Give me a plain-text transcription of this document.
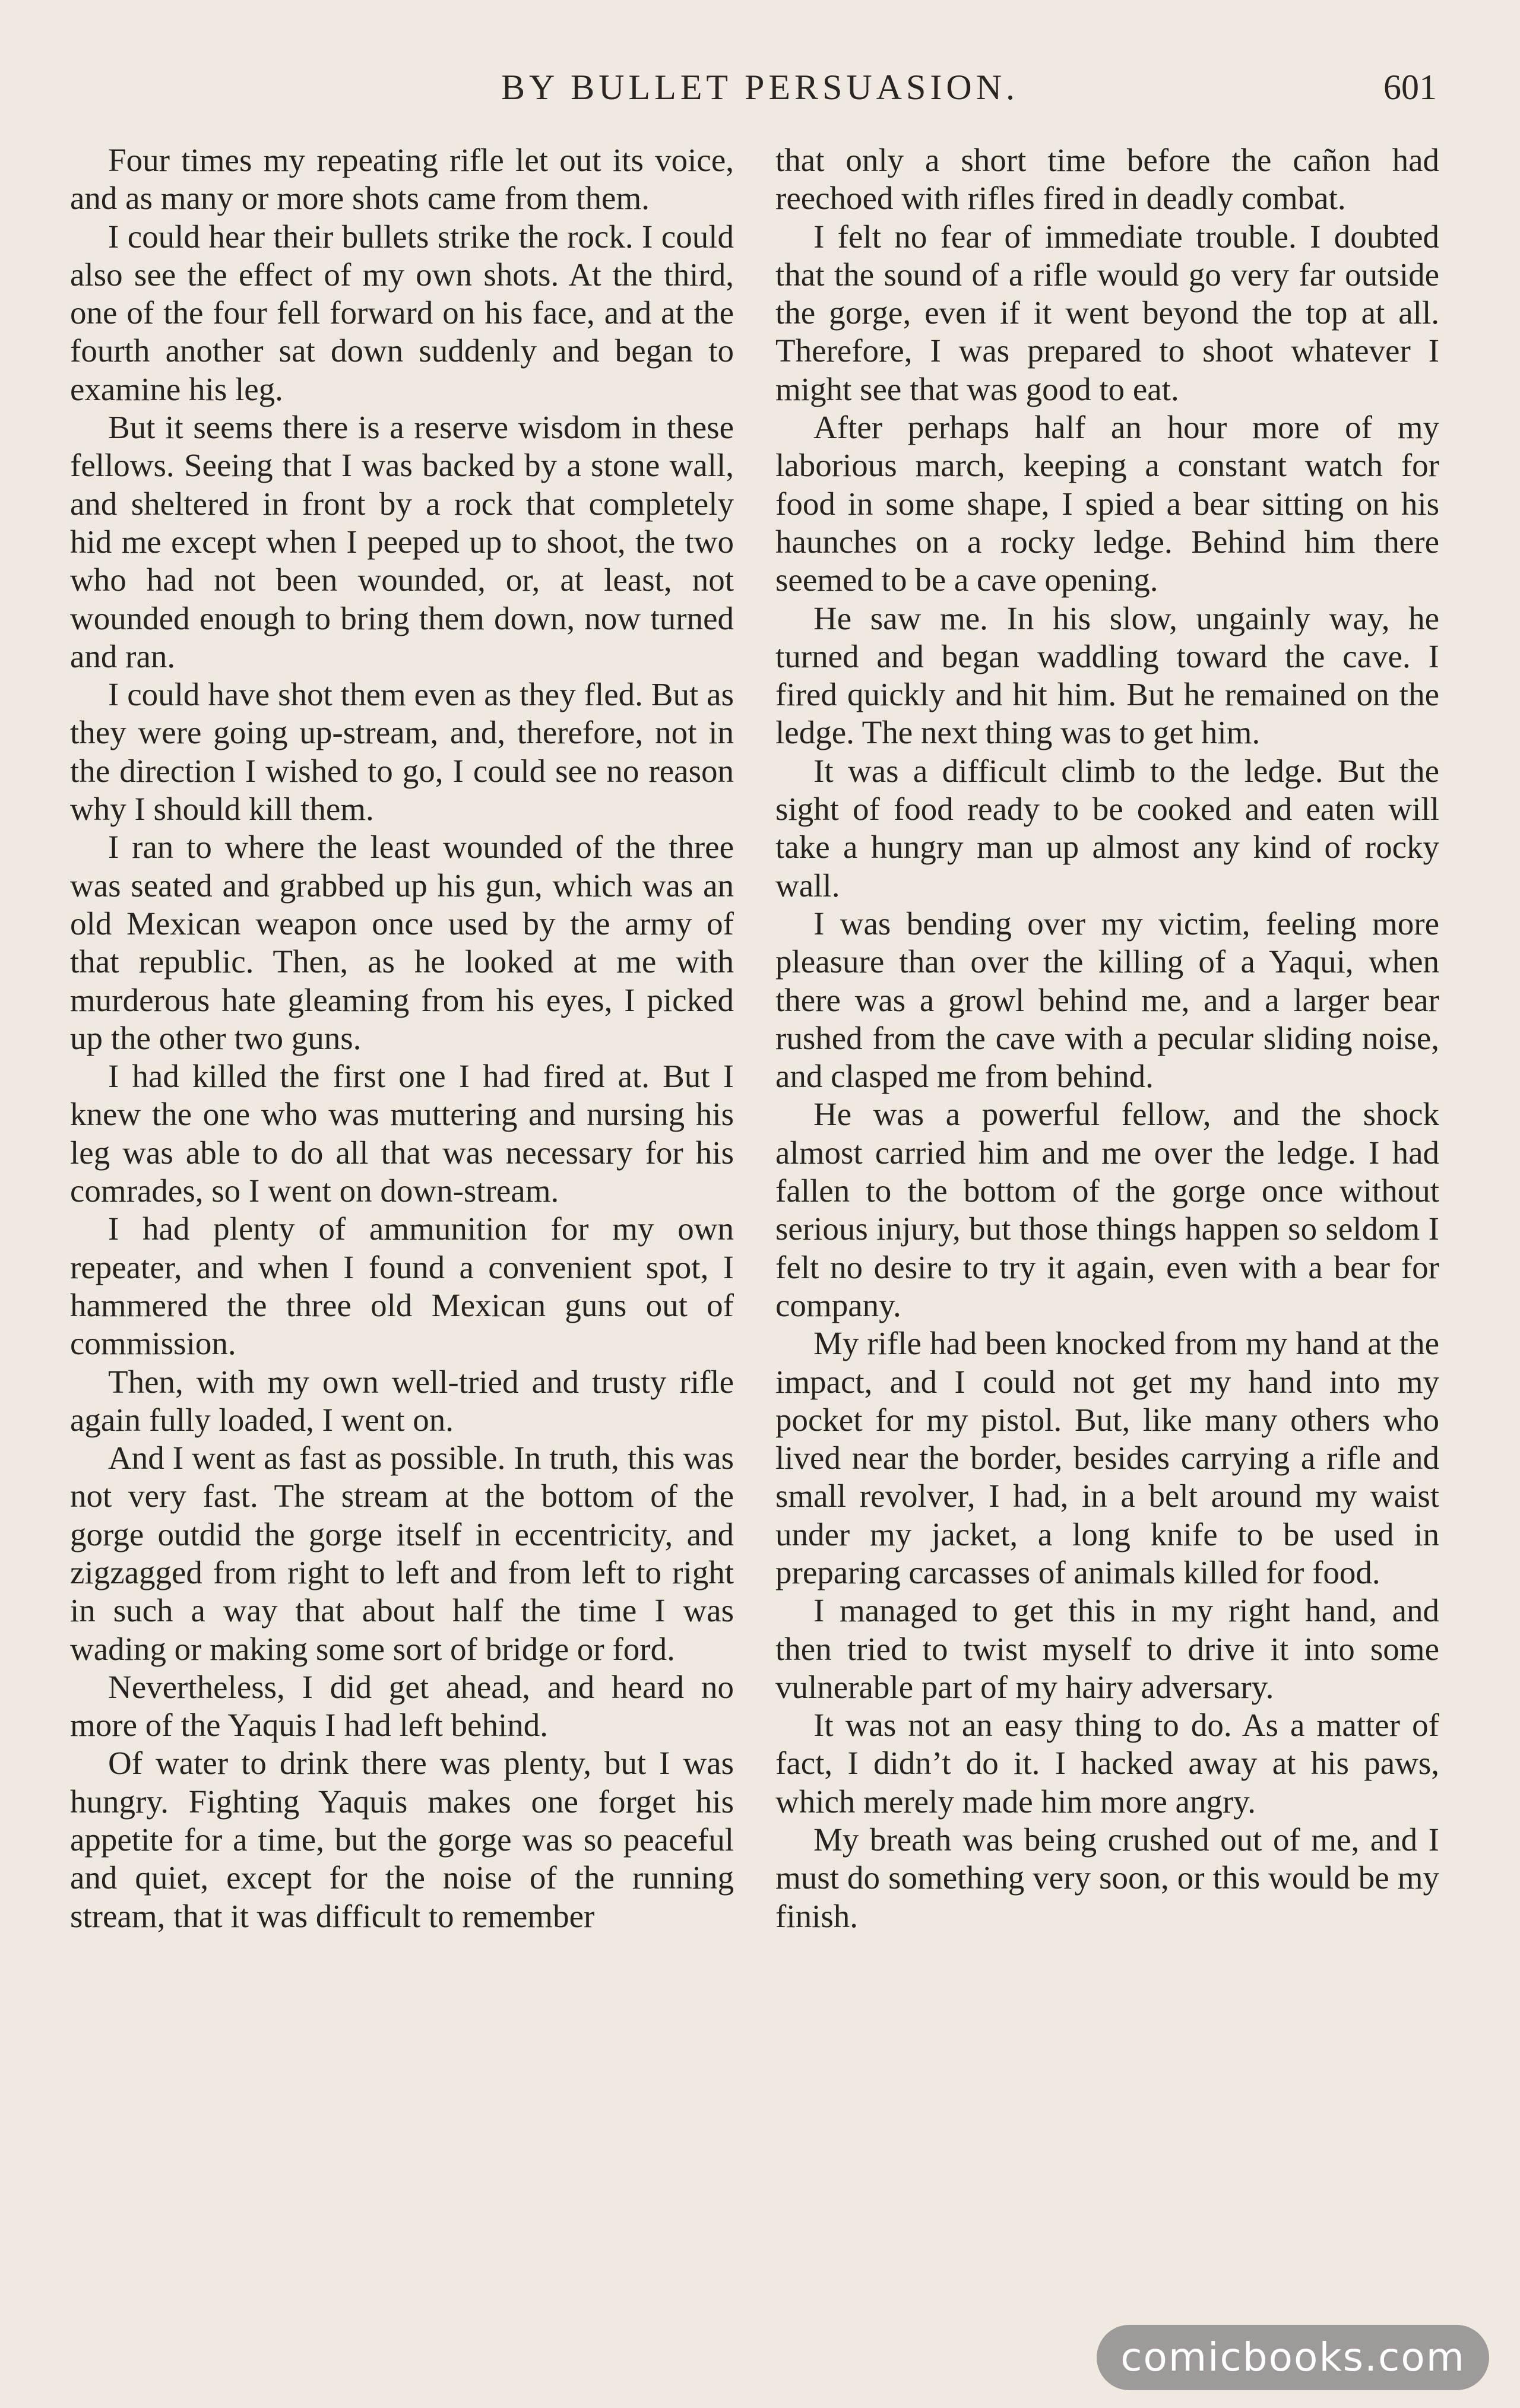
BY BULLET PERSUASION.	601

Four times my repeating rifle let out its voice, and as many or more shots came from them.

I could hear their bullets strike the rock. I could also see the effect of my own shots. At the third, one of the four fell forward on his face, and at the fourth another sat down suddenly and began to examine his leg.

But it seems there is a reserve wisdom in these fellows. Seeing that I was backed by a stone wall, and sheltered in front by a rock that completely hid me except when I peeped up to shoot, the two who had not been wounded, or, at least, not wounded enough to bring them down, now turned and ran.

I could have shot them even as they fled. But as they were going up-stream, and, therefore, not in the direction I wished to go, I could see no reason why I should kill them.

I ran to where the least wounded of the three was seated and grabbed up his gun, which was an old Mexican weapon once used by the army of that republic. Then, as he looked at me with murderous hate gleaming from his eyes, I picked up the other two guns.

I had killed the first one I had fired at. But I knew the one who was muttering and nursing his leg was able to do all that was necessary for his comrades, so I went on down-stream.

I had plenty of ammunition for my own repeater, and when I found a convenient spot, I hammered the three old Mexican guns out of commission.

Then, with my own well-tried and trusty rifle again fully loaded, I went on.

And I went as fast as possible. In truth, this was not very fast. The stream at the bottom of the gorge outdid the gorge itself in eccentricity, and zigzagged from right to left and from left to right in such a way that about half the time I was wading or making some sort of bridge or ford.

Nevertheless, I did get ahead, and heard no more of the Yaquis I had left behind.

Of water to drink there was plenty, but I was hungry. Fighting Yaquis makes one forget his appetite for a time, but the gorge was so peaceful and quiet, except for the noise of the running stream, that it was difficult to remember

that only a short time before the cañon had reechoed with rifles fired in deadly combat.

I felt no fear of immediate trouble. I doubted that the sound of a rifle would go very far outside the gorge, even if it went beyond the top at all. Therefore, I was prepared to shoot whatever I might see that was good to eat.

After perhaps half an hour more of my laborious march, keeping a constant watch for food in some shape, I spied a bear sitting on his haunches on a rocky ledge. Behind him there seemed to be a cave opening.

He saw me. In his slow, ungainly way, he turned and began waddling toward the cave. I fired quickly and hit him. But he remained on the ledge. The next thing was to get him.

It was a difficult climb to the ledge. But the sight of food ready to be cooked and eaten will take a hungry man up almost any kind of rocky wall.

I was bending over my victim, feeling more pleasure than over the killing of a Yaqui, when there was a growl behind me, and a larger bear rushed from the cave with a pecular sliding noise, and clasped me from behind.

He was a powerful fellow, and the shock almost carried him and me over the ledge. I had fallen to the bottom of the gorge once without serious injury, but those things happen so seldom I felt no desire to try it again, even with a bear for company.

My rifle had been knocked from my hand at the impact, and I could not get my hand into my pocket for my pistol. But, like many others who lived near the border, besides carrying a rifle and small revolver, I had, in a belt around my waist under my jacket, a long knife to be used in preparing carcasses of animals killed for food.

I managed to get this in my right hand, and then tried to twist myself to drive it into some vulnerable part of my hairy adversary.

It was not an easy thing to do. As a matter of fact, I didn’t do it. I hacked away at his paws, which merely made him more angry.

My breath was being crushed out of me, and I must do something very soon, or this would be my finish.

comicbooks.com
